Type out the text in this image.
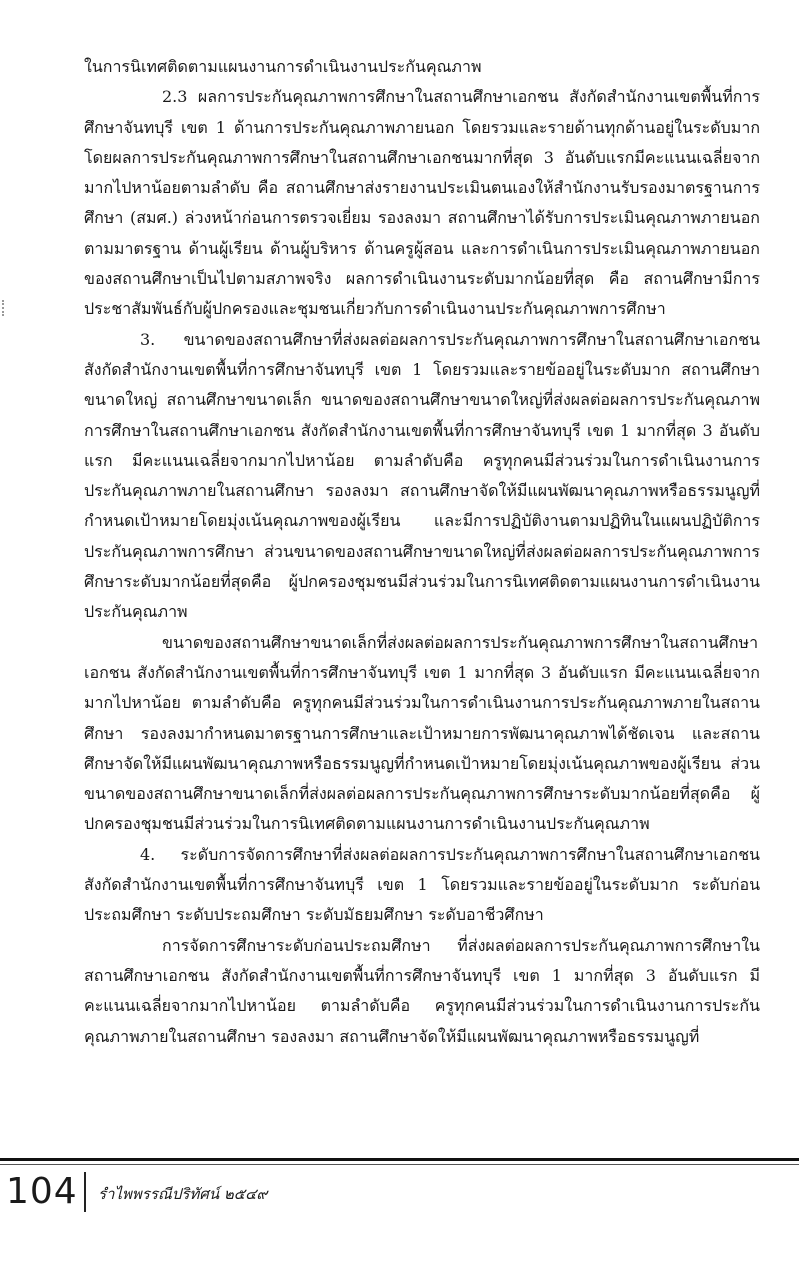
ในการนิเทศติดตามแผนงานการดำเนินงานประกันคุณภาพ

2.3 ผลการประกันคุณภาพการศึกษาในสถานศึกษาเอกชน สังกัดสำนักงานเขตพื้นที่การศึกษาจันทบุรี เขต 1 ด้านการประกันคุณภาพภายนอก โดยรวมและรายด้านทุกด้านอยู่ในระดับมาก โดยผลการประกันคุณภาพการศึกษาในสถานศึกษาเอกชนมากที่สุด 3 อันดับแรกมีคะแนนเฉลี่ยจากมากไปหาน้อยตามลำดับ คือ สถานศึกษาส่งรายงานประเมินตนเองให้สำนักงานรับรองมาตรฐานการศึกษา (สมศ.) ล่วงหน้าก่อนการตรวจเยี่ยม รองลงมา สถานศึกษาได้รับการประเมินคุณภาพภายนอกตามมาตรฐาน ด้านผู้เรียน ด้านผู้บริหาร ด้านครูผู้สอน และการดำเนินการประเมินคุณภาพภายนอกของสถานศึกษาเป็นไปตามสภาพจริง ผลการดำเนินงานระดับมากน้อยที่สุด คือ สถานศึกษามีการประชาสัมพันธ์กับผู้ปกครองและชุมชนเกี่ยวกับการดำเนินงานประกันคุณภาพการศึกษา

3. ขนาดของสถานศึกษาที่ส่งผลต่อผลการประกันคุณภาพการศึกษาในสถานศึกษาเอกชน สังกัดสำนักงานเขตพื้นที่การศึกษาจันทบุรี เขต 1 โดยรวมและรายข้ออยู่ในระดับมาก สถานศึกษาขนาดใหญ่ สถานศึกษาขนาดเล็ก ขนาดของสถานศึกษาขนาดใหญ่ที่ส่งผลต่อผลการประกันคุณภาพการศึกษาในสถานศึกษาเอกชน สังกัดสำนักงานเขตพื้นที่การศึกษาจันทบุรี เขต 1 มากที่สุด 3 อันดับแรก มีคะแนนเฉลี่ยจากมากไปหาน้อย ตามลำดับคือ ครูทุกคนมีส่วนร่วมในการดำเนินงานการประกันคุณภาพภายในสถานศึกษา รองลงมา สถานศึกษาจัดให้มีแผนพัฒนาคุณภาพหรือธรรมนูญที่กำหนดเป้าหมายโดยมุ่งเน้นคุณภาพของผู้เรียน และมีการปฏิบัติงานตามปฏิทินในแผนปฏิบัติการประกันคุณภาพการศึกษา ส่วนขนาดของสถานศึกษาขนาดใหญ่ที่ส่งผลต่อผลการประกันคุณภาพการศึกษาระดับมากน้อยที่สุดคือ ผู้ปกครองชุมชนมีส่วนร่วมในการนิเทศติดตามแผนงานการดำเนินงานประกันคุณภาพ

ขนาดของสถานศึกษาขนาดเล็กที่ส่งผลต่อผลการประกันคุณภาพการศึกษาในสถานศึกษาเอกชน สังกัดสำนักงานเขตพื้นที่การศึกษาจันทบุรี เขต 1 มากที่สุด 3 อันดับแรก มีคะแนนเฉลี่ยจากมากไปหาน้อย ตามลำดับคือ ครูทุกคนมีส่วนร่วมในการดำเนินงานการประกันคุณภาพภายในสถานศึกษา รองลงมากำหนดมาตรฐานการศึกษาและเป้าหมายการพัฒนาคุณภาพได้ชัดเจน และสถานศึกษาจัดให้มีแผนพัฒนาคุณภาพหรือธรรมนูญที่กำหนดเป้าหมายโดยมุ่งเน้นคุณภาพของผู้เรียน ส่วนขนาดของสถานศึกษาขนาดเล็กที่ส่งผลต่อผลการประกันคุณภาพการศึกษาระดับมากน้อยที่สุดคือ ผู้ปกครองชุมชนมีส่วนร่วมในการนิเทศติดตามแผนงานการดำเนินงานประกันคุณภาพ

4. ระดับการจัดการศึกษาที่ส่งผลต่อผลการประกันคุณภาพการศึกษาในสถานศึกษาเอกชน สังกัดสำนักงานเขตพื้นที่การศึกษาจันทบุรี เขต 1 โดยรวมและรายข้ออยู่ในระดับมาก ระดับก่อนประถมศึกษา ระดับประถมศึกษา ระดับมัธยมศึกษา ระดับอาชีวศึกษา

การจัดการศึกษาระดับก่อนประถมศึกษา ที่ส่งผลต่อผลการประกันคุณภาพการศึกษาในสถานศึกษาเอกชน สังกัดสำนักงานเขตพื้นที่การศึกษาจันทบุรี เขต 1 มากที่สุด 3 อันดับแรก มีคะแนนเฉลี่ยจากมากไปหาน้อย ตามลำดับคือ ครูทุกคนมีส่วนร่วมในการดำเนินงานการประกันคุณภาพภายในสถานศึกษา รองลงมา สถานศึกษาจัดให้มีแผนพัฒนาคุณภาพหรือธรรมนูญที่

104 รำไพพรรณีปริทัศน์ ๒๕๔๙
